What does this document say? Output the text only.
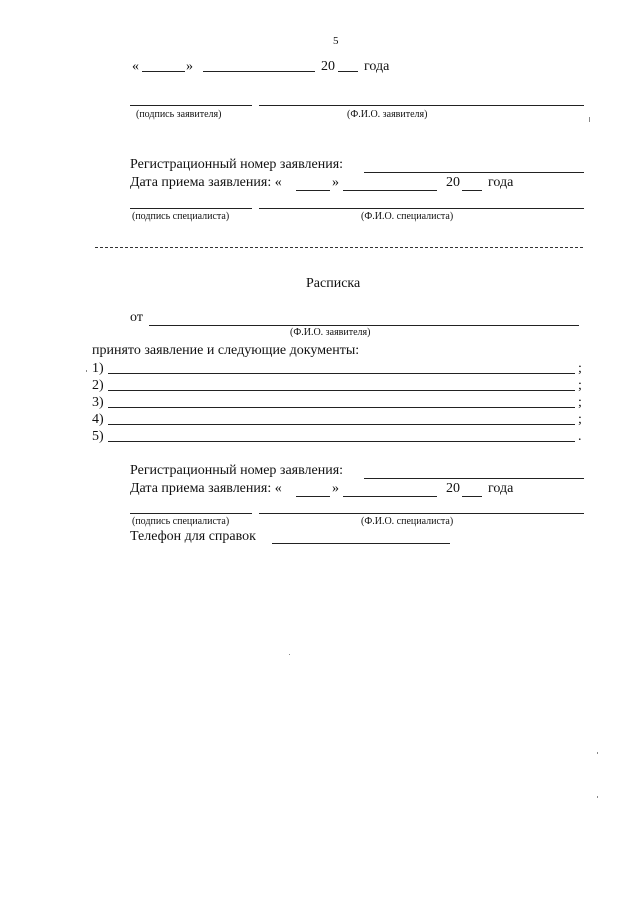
5
«	»	20 года
(подпись заявителя)	(Ф.И.О. заявителя)
Регистрационный номер заявления:
Дата приема заявления: «	»	20 года
(подпись специалиста)	(Ф.И.О. специалиста)
Расписка
от
(Ф.И.О. заявителя)
принято заявление и следующие документы:
1)	;
2)	;
3)	;
4)	;
5)	.
Регистрационный номер заявления:
Дата приема заявления: «	»	20 года
(подпись специалиста)	(Ф.И.О. специалиста)
Телефон для справок
